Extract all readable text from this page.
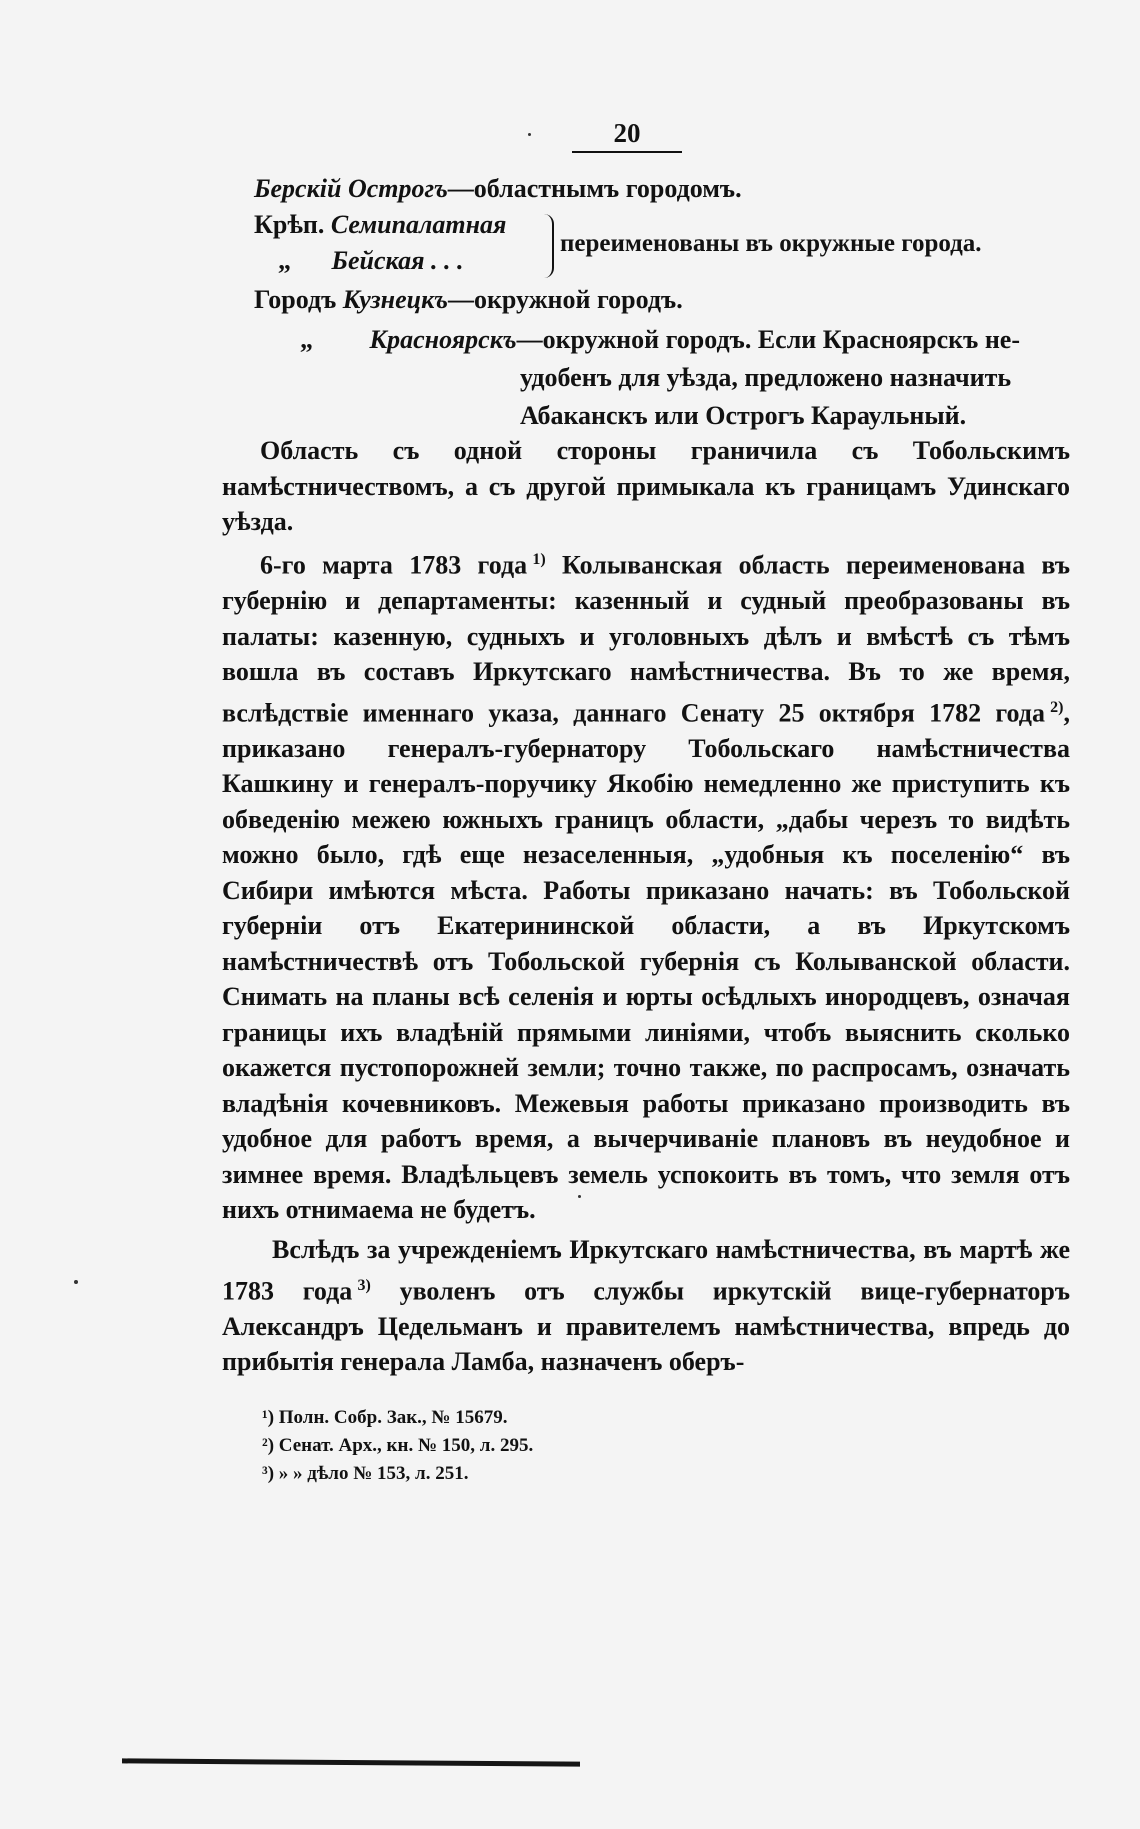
20
Берскій Острогъ—областнымъ городомъ.
Крѣп. Семипалатная
„ Бейская . . .
переименованы въ окружные города.
Городъ Кузнецкъ—окружной городъ.
„ Красноярскъ—окружной городъ. Если Красноярскъ не-
удобенъ для уѣзда, предложено назначить
Абаканскъ или Острогъ Караульный.
Область съ одной стороны граничила съ Тобольскимъ намѣстничествомъ, а съ другой примыкала къ границамъ Удинскаго уѣзда.
6-го марта 1783 года  $^{1)}$ Колыванская область переименована въ губернію и департаменты: казенный и судный преобразованы въ палаты: казенную, судныхъ и уголовныхъ дѣлъ и вмѣстѣ съ тѣмъ вошла въ составъ Иркутскаго намѣстничества. Въ то же время, вслѣдствіе именнаго указа, даннаго Сенату 25 октября 1782 года  $^{2)}$, приказано генералъ-губернатору Тобольскаго намѣстничества Кашкину и генералъ-поручику Якобію немедленно же приступить къ обведенію межею южныхъ границъ области, „дабы черезъ то видѣть можно было, гдѣ еще незаселенныя, „удобныя къ поселенію“ въ Сибири имѣются мѣста. Работы приказано начать: въ Тобольской губерніи отъ Екатерининской области, а въ Иркутскомъ намѣстничествѣ отъ Тобольской губернія съ Колыванской области. Снимать на планы всѣ селенія и юрты осѣдлыхъ инородцевъ, означая границы ихъ владѣній прямыми линіями, чтобъ выяснить сколько окажется пустопорожней земли; точно также, по распросамъ, означать владѣнія кочевниковъ. Межевыя работы приказано производить въ удобное для работъ время, а вычерчиваніе плановъ въ неудобное и зимнее время. Владѣльцевъ земель успокоить въ томъ, что земля отъ нихъ отнимаема не будетъ.
Вслѣдъ за учрежденіемъ Иркутскаго намѣстничества, въ мартѣ же 1783 года  $^{3)}$ уволенъ отъ службы иркутскій вице-губернаторъ Александръ Цедельманъ и правителемъ намѣстничества, впредь до прибытія генерала Ламба, назначенъ оберъ-
¹) Полн. Собр. Зак., № 15679.
²) Сенат. Арх., кн. № 150, л. 295.
³) » » дѣло № 153, л. 251.
